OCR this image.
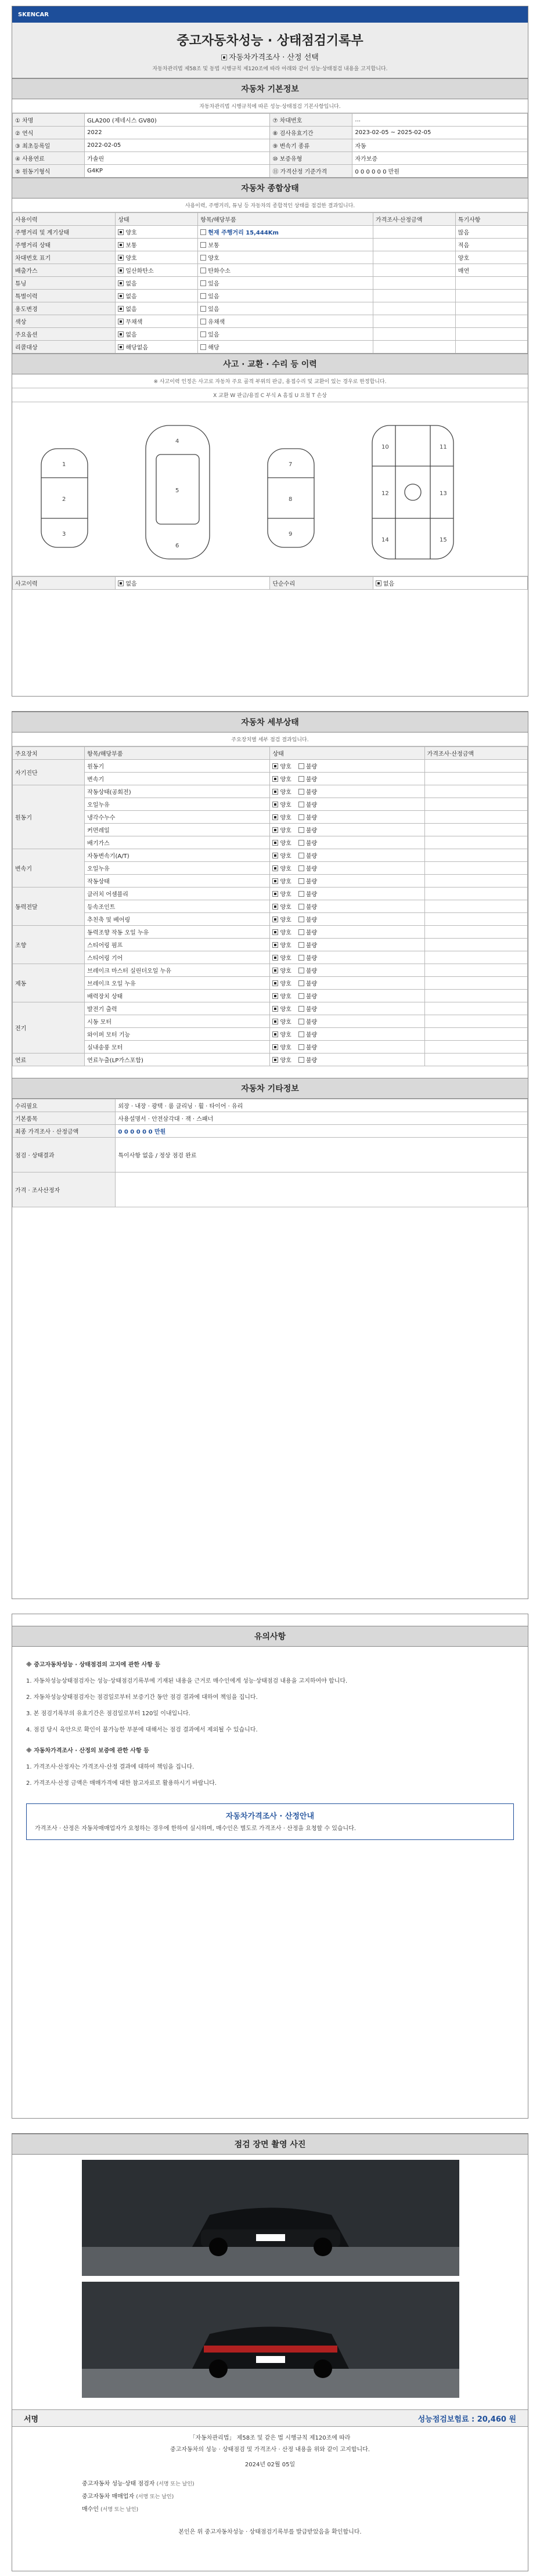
SKENCAR
중고자동차성능 · 상태점검기록부
자동차가격조사 · 산정 선택
자동차관리법 제58조 및 동법 시행규칙 제120조에 따라 아래와 같이 성능·상태점검 내용을 고지합니다.
자동차 기본정보
자동차관리법 시행규칙에 따른 성능·상태점검 기본사항입니다.
① 차명	GLA200 (제네시스 GV80)	⑦ 차대번호	...
② 연식	2022	⑧ 검사유효기간	2023-02-05 ~ 2025-02-05
③ 최초등록일	2022-02-05	⑨ 변속기 종류	자동
④ 사용연료	가솔린	⑩ 보증유형	자가보증
⑤ 원동기형식	G4KP	⑪ 가격산정 기준가격	0 0 0 0 0 0 만원
자동차 종합상태
사용이력, 주행거리, 튜닝 등 자동차의 종합적인 상태를 점검한 결과입니다.
사용이력	상태	항목/해당부품	가격조사·산정금액	특기사항
주행거리 및 계기상태	양호	현재 주행거리 15,444Km		많음
주행거리 상태	보통	보통		적음
차대번호 표기	양호	양호		양호
배출가스	일산화탄소	탄화수소		매연
튜닝	없음	있음		
특별이력	없음	있음		
용도변경	없음	있음		
색상	무채색	유채색		
주요옵션	없음	있음		
리콜대상	해당없음	해당		
사고 · 교환 · 수리 등 이력
※ 사고이력 인정은 사고로 자동차 주요 골격 부위의 판금, 용접수리 및 교환이 있는 경우로 한정합니다.
X 교환 W 판금/용접 C 부식 A 흠집 U 요철 T 손상
1
2
3
4
5
6
7
8
9
10	11
12	13
14	15
사고이력	없음	단순수리	없음
자동차 세부상태
주요장치별 세부 점검 결과입니다.
주요장치	항목/해당부품	상태	가격조사·산정금액
자기진단	원동기	양호 불량	
	변속기	양호 불량	
원동기	작동상태(공회전)	양호 불량	
	오일누유	양호 불량	
	냉각수누수	양호 불량	
	커먼레일	양호 불량	
	배기가스	양호 불량	
변속기	자동변속기(A/T)	양호 불량	
	오일누유	양호 불량	
	작동상태	양호 불량	
동력전달	클러치 어셈블리	양호 불량	
	등속조인트	양호 불량	
	추친축 및 베어링	양호 불량	
조향	동력조향 작동 오일 누유	양호 불량	
	스티어링 펌프	양호 불량	
	스티어링 기어	양호 불량	
제동	브레이크 마스터 실린더오일 누유	양호 불량	
	브레이크 오일 누유	양호 불량	
	배력장치 상태	양호 불량	
전기	발전기 출력	양호 불량	
	시동 모터	양호 불량	
	와이퍼 모터 기능	양호 불량	
	실내송풍 모터	양호 불량	
연료	연료누출(LP가스포함)	양호 불량	
자동차 기타정보
수리필요	외장 · 내장 · 광택 · 룸 클리닝 · 휠 · 타이어 · 유리
기본품목	사용설명서 · 안전삼각대 · 잭 · 스패너
최종 가격조사 · 산정금액	0 0 0 0 0 0 만원
점검 · 상태결과	특이사항 없음 / 정상 점검 완료
가격 · 조사산정자	
유의사항
※ 중고자동차성능 · 상태점검의 고지에 관한 사항 등
1. 자동차성능상태점검자는 성능·상태점검기록부에 기재된 내용을 근거로 매수인에게 성능·상태점검 내용을 고지하여야 합니다.
2. 자동차성능상태점검자는 점검일로부터 보증기간 동안 점검 결과에 대하여 책임을 집니다.
3. 본 점검기록부의 유효기간은 점검일로부터 120일 이내입니다.
4. 점검 당시 육안으로 확인이 불가능한 부분에 대해서는 점검 결과에서 제외될 수 있습니다.
※ 자동차가격조사 · 산정의 보증에 관한 사항 등
1. 가격조사·산정자는 가격조사·산정 결과에 대하여 책임을 집니다.
2. 가격조사·산정 금액은 매매가격에 대한 참고자료로 활용하시기 바랍니다.
자동차가격조사 · 산정안내
가격조사 · 산정은 자동차매매업자가 요청하는 경우에 한하여 실시하며, 매수인은 별도로 가격조사 · 산정을 요청할 수 있습니다.
점검 장면 촬영 사진
서명	성능점검보험료 : 20,460 원
「자동차관리법」 제58조 및 같은 법 시행규칙 제120조에 따라
중고자동차의 성능 · 상태점검 및 가격조사 · 산정 내용을 위와 같이 고지합니다.
2024년 02월 05일
중고자동차 성능·상태 점검자 (서명 또는 날인)
중고자동차 매매업자 (서명 또는 날인)
매수인 (서명 또는 날인)
본인은 위 중고자동차성능 · 상태점검기록부를 발급받았음을 확인합니다.
